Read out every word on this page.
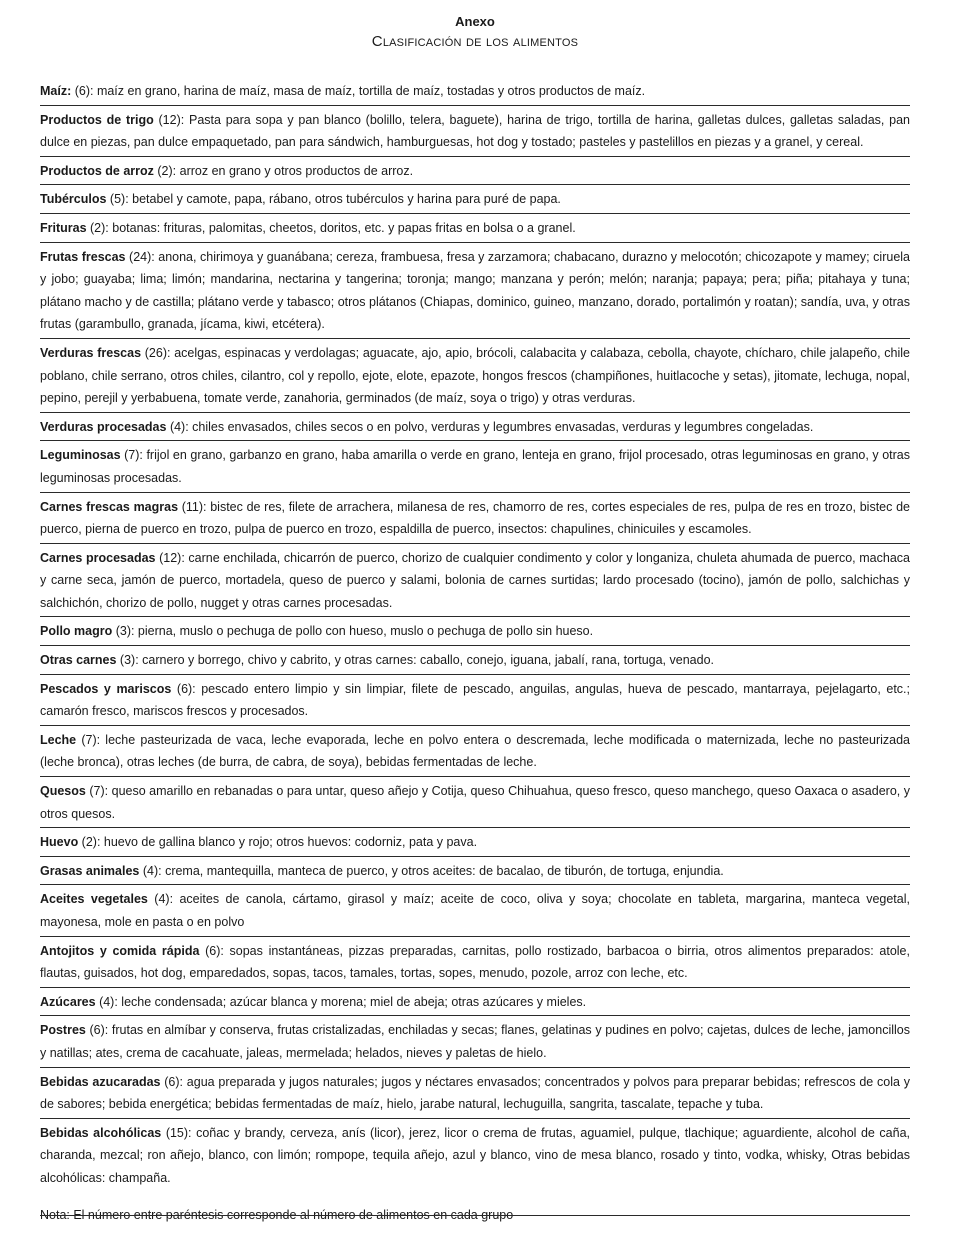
Anexo
Clasificación de los alimentos
Maíz: (6): maíz en grano, harina de maíz, masa de maíz, tortilla de maíz, tostadas y otros productos de maíz.
Productos de trigo (12): Pasta para sopa y pan blanco (bolillo, telera, baguete), harina de trigo, tortilla de harina, galletas dulces, galletas saladas, pan dulce en piezas, pan dulce empaquetado, pan para sándwich, hamburguesas, hot dog y tostado; pasteles y pastelillos en piezas y a granel, y cereal.
Productos de arroz (2): arroz en grano y otros productos de arroz.
Tubérculos (5): betabel y camote, papa, rábano, otros tubérculos y harina para puré de papa.
Frituras (2): botanas: frituras, palomitas, cheetos, doritos, etc. y papas fritas en bolsa o a granel.
Frutas frescas (24): anona, chirimoya y guanábana; cereza, frambuesa, fresa y zarzamora; chabacano, durazno y melocotón; chicozapote y mamey; ciruela y jobo; guayaba; lima; limón; mandarina, nectarina y tangerina; toronja; mango; manzana y perón; melón; naranja; papaya; pera; piña; pitahaya y tuna; plátano macho y de castilla; plátano verde y tabasco; otros plátanos (Chiapas, dominico, guineo, manzano, dorado, portalimón y roatan); sandía, uva, y otras frutas (garambullo, granada, jícama, kiwi, etcétera).
Verduras frescas (26): acelgas, espinacas y verdolagas; aguacate, ajo, apio, brócoli, calabacita y calabaza, cebolla, chayote, chícharo, chile jalapeño, chile poblano, chile serrano, otros chiles, cilantro, col y repollo, ejote, elote, epazote, hongos frescos (champiñones, huitlacoche y setas), jitomate, lechuga, nopal, pepino, perejil y yerbabuena, tomate verde, zanahoria, germinados (de maíz, soya o trigo) y otras verduras.
Verduras procesadas (4): chiles envasados, chiles secos o en polvo, verduras y legumbres envasadas, verduras y legumbres congeladas.
Leguminosas (7): frijol en grano, garbanzo en grano, haba amarilla o verde en grano, lenteja en grano, frijol procesado, otras leguminosas en grano, y otras leguminosas procesadas.
Carnes frescas magras (11): bistec de res, filete de arrachera, milanesa de res, chamorro de res, cortes especiales de res, pulpa de res en trozo, bistec de puerco, pierna de puerco en trozo, pulpa de puerco en trozo, espaldilla de puerco, insectos: chapulines, chinicuiles y escamoles.
Carnes procesadas (12): carne enchilada, chicarrón de puerco, chorizo de cualquier condimento y color y longaniza, chuleta ahumada de puerco, machaca y carne seca, jamón de puerco, mortadela, queso de puerco y salami, bolonia de carnes surtidas; lardo procesado (tocino), jamón de pollo, salchichas y salchichón, chorizo de pollo, nugget y otras carnes procesadas.
Pollo magro (3): pierna, muslo o pechuga de pollo con hueso, muslo o pechuga de pollo sin hueso.
Otras carnes (3): carnero y borrego, chivo y cabrito, y otras carnes: caballo, conejo, iguana, jabalí, rana, tortuga, venado.
Pescados y mariscos (6): pescado entero limpio y sin limpiar, filete de pescado, anguilas, angulas, hueva de pescado, mantarraya, pejelagarto, etc.; camarón fresco, mariscos frescos y procesados.
Leche (7): leche pasteurizada de vaca, leche evaporada, leche en polvo entera o descremada, leche modificada o maternizada, leche no pasteurizada (leche bronca), otras leches (de burra, de cabra, de soya), bebidas fermentadas de leche.
Quesos (7): queso amarillo en rebanadas o para untar, queso añejo y Cotija, queso Chihuahua, queso fresco, queso manchego, queso Oaxaca o asadero, y otros quesos.
Huevo (2): huevo de gallina blanco y rojo; otros huevos: codorniz, pata y pava.
Grasas animales (4): crema, mantequilla, manteca de puerco, y otros aceites: de bacalao, de tiburón, de tortuga, enjundia.
Aceites vegetales (4): aceites de canola, cártamo, girasol y maíz; aceite de coco, oliva y soya; chocolate en tableta, margarina, manteca vegetal, mayonesa, mole en pasta o en polvo
Antojitos y comida rápida (6): sopas instantáneas, pizzas preparadas, carnitas, pollo rostizado, barbacoa o birria, otros alimentos preparados: atole, flautas, guisados, hot dog, emparedados, sopas, tacos, tamales, tortas, sopes, menudo, pozole, arroz con leche, etc.
Azúcares (4): leche condensada; azúcar blanca y morena; miel de abeja; otras azúcares y mieles.
Postres (6): frutas en almíbar y conserva, frutas cristalizadas, enchiladas y secas; flanes, gelatinas y pudines en polvo; cajetas, dulces de leche, jamoncillos y natillas; ates, crema de cacahuate, jaleas, mermelada; helados, nieves y paletas de hielo.
Bebidas azucaradas (6): agua preparada y jugos naturales; jugos y néctares envasados; concentrados y polvos para preparar bebidas; refrescos de cola y de sabores; bebida energética; bebidas fermentadas de maíz, hielo, jarabe natural, lechuguilla, sangrita, tascalate, tepache y tuba.
Bebidas alcohólicas (15): coñac y brandy, cerveza, anís (licor), jerez, licor o crema de frutas, aguamiel, pulque, tlachique; aguardiente, alcohol de caña, charanda, mezcal; ron añejo, blanco, con limón; rompope, tequila añejo, azul y blanco, vino de mesa blanco, rosado y tinto, vodka, whisky, Otras bebidas alcohólicas: champaña.
Nota: El número entre paréntesis corresponde al número de alimentos en cada grupo
